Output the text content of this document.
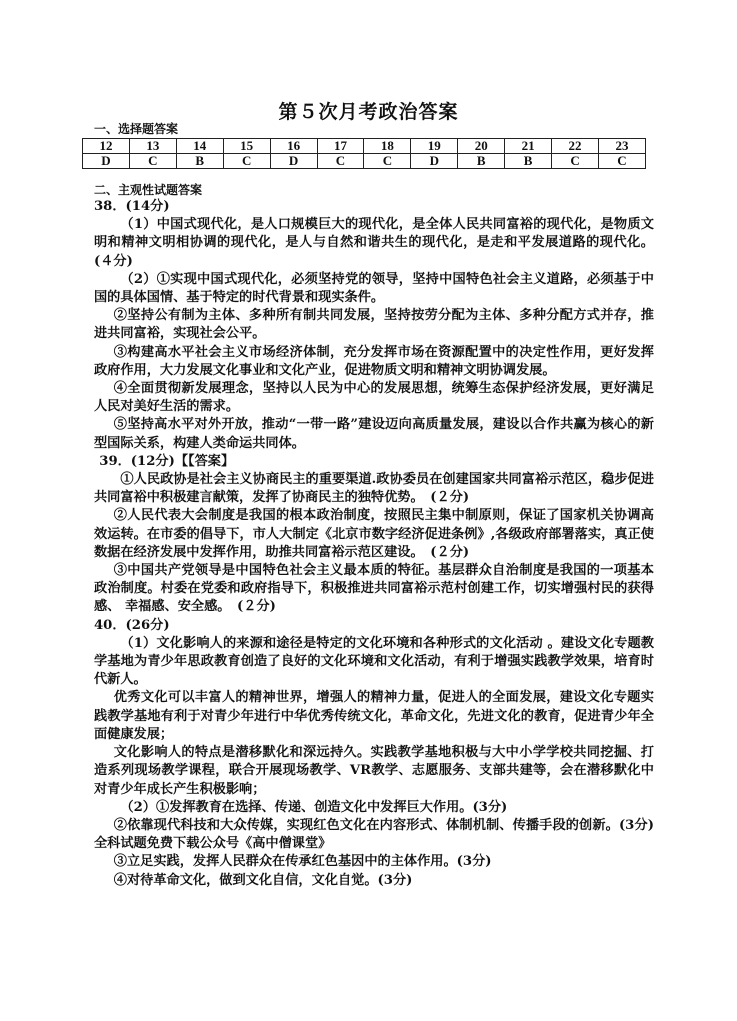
第５次月考政治答案
一、选择题答案
12	13	14	15	16	17	18	19	20	21	22	23
D	C	B	C	D	C	C	D	B	B	C	C
二、主观性试题答案

38．(14分)

（1）中国式现代化，是人口规模巨大的现代化，是全体人民共同富裕的现代化，是物质文明和精神文明相协调的现代化，是人与自然和谐共生的现代化，是走和平发展道路的现代化。(４分)

（2）①实现中国式现代化，必须坚持党的领导，坚持中国特色社会主义道路，必须基于中国的具体国情、基于特定的时代背景和现实条件。

②坚持公有制为主体、多种所有制共同发展，坚持按劳分配为主体、多种分配方式并存，推进共同富裕，实现社会公平。

③构建高水平社会主义市场经济体制，充分发挥市场在资源配置中的决定性作用，更好发挥政府作用，大力发展文化事业和文化产业，促进物质文明和精神文明协调发展。

④全面贯彻新发展理念，坚持以人民为中心的发展思想，统筹生态保护经济发展，更好满足人民对美好生活的需求。

⑤坚持高水平对外开放，推动“一带一路”建设迈向高质量发展，建设以合作共赢为核心的新型国际关系，构建人类命运共同体。

39．(12分)【【答案】

①人民政协是社会主义协商民主的重要渠道.政协委员在创建国家共同富裕示范区，稳步促进共同富裕中积极建言献策，发挥了协商民主的独特优势。　(２分)

②人民代表大会制度是我国的根本政治制度，按照民主集中制原则，保证了国家机关协调高效运转。在市委的倡导下，市人大制定《北京市数字经济促进条例》,各级政府部署落实，真正使数据在经济发展中发挥作用，助推共同富裕示范区建设。　(２分)

③中国共产党领导是中国特色社会主义最本质的特征。基层群众自治制度是我国的一项基本政治制度。村委在党委和政府指导下，积极推进共同富裕示范村创建工作，切实增强村民的获得感、 幸福感、安全感。　(２分)

40．(26分)

（1）文化影响人的来源和途径是特定的文化环境和各种形式的文化活动 。建设文化专题教学基地为青少年思政教育创造了良好的文化环境和文化活动，有利于增强实践教学效果，培育时代新人。

优秀文化可以丰富人的精神世界，增强人的精神力量，促进人的全面发展，建设文化专题实践教学基地有利于对青少年进行中华优秀传统文化，革命文化，先进文化的教育，促进青少年全面健康发展；

文化影响人的特点是潜移默化和深远持久。实践教学基地积极与大中小学学校共同挖掘、打造系列现场教学课程，联合开展现场教学、VR教学、志愿服务、支部共建等，会在潜移默化中对青少年成长产生积极影响；

（2）①发挥教育在选择、传递、创造文化中发挥巨大作用。(3分)

②依靠现代科技和大众传媒，实现红色文化在内容形式、体制机制、传播手段的创新。(3分)全科试题免费下载公众号《高中僧课堂》

③立足实践，发挥人民群众在传承红色基因中的主体作用。(3分)

④对待革命文化，做到文化自信，文化自觉。(3分)
